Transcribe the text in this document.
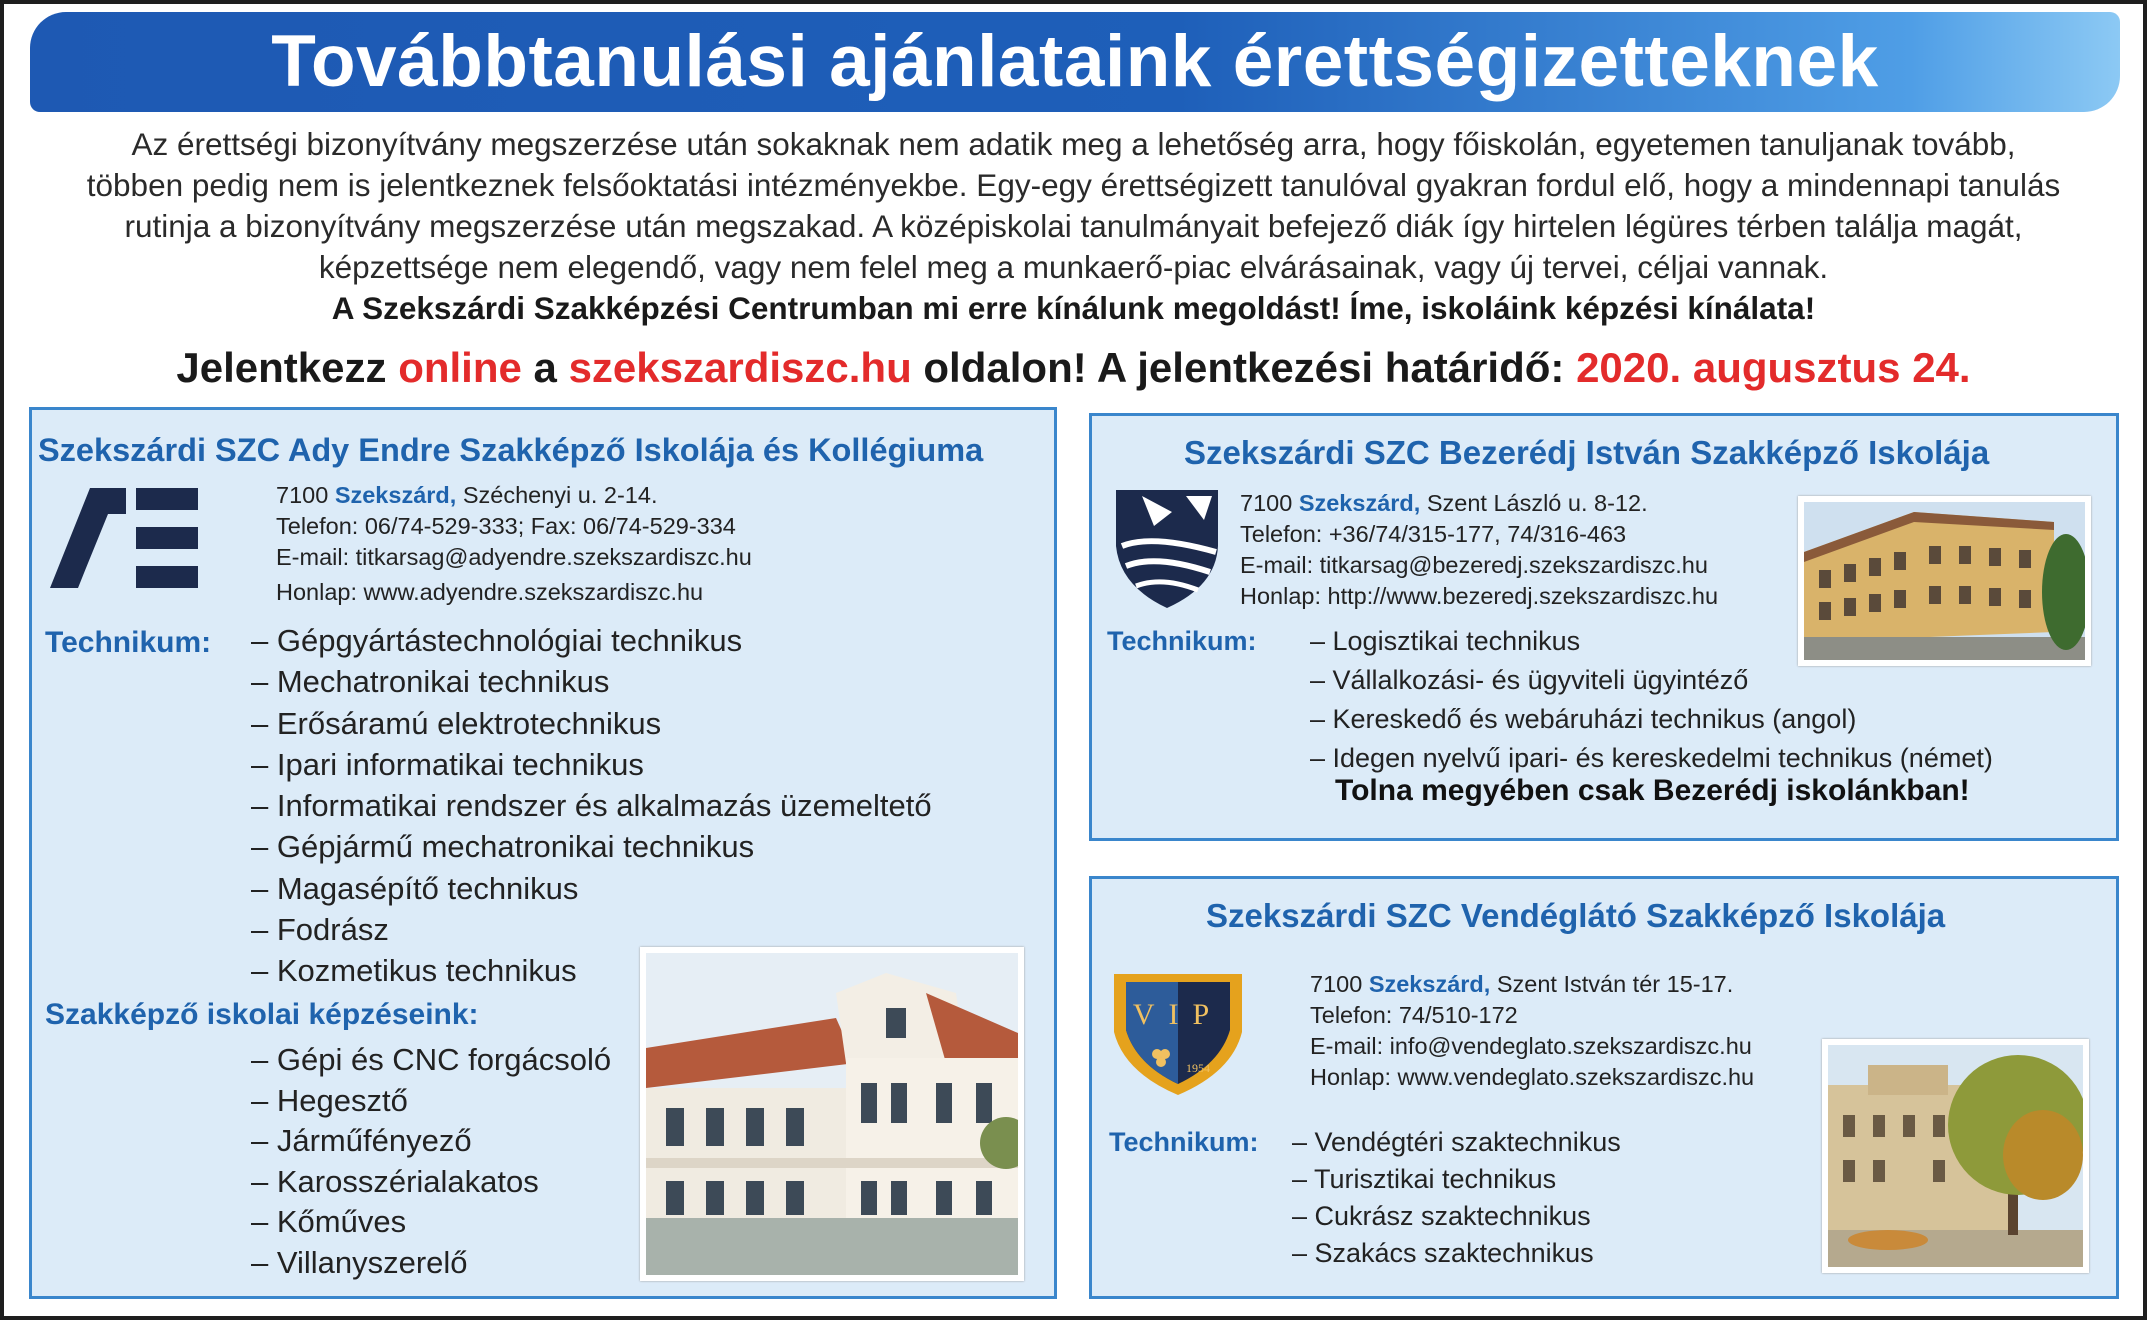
Továbbtanulási ajánlataink érettségizetteknek
Az érettségi bizonyítvány megszerzése után sokaknak nem adatik meg a lehetőség arra, hogy főiskolán, egyetemen tanuljanak tovább,
többen pedig nem is jelentkeznek felsőoktatási intézményekbe. Egy-egy érettségizett tanulóval gyakran fordul elő, hogy a mindennapi tanulás
rutinja a bizonyítvány megszerzése után megszakad. A középiskolai tanulmányait befejező diák így hirtelen légüres térben találja magát,
képzettsége nem elegendő, vagy nem felel meg a munkaerő-piac elvárásainak, vagy új tervei, céljai vannak.
A Szekszárdi Szakképzési Centrumban mi erre kínálunk megoldást! Íme, iskoláink képzési kínálata!
Jelentkezz online a szekszardiszc.hu oldalon! A jelentkezési határidő: 2020. augusztus 24.
Szekszárdi SZC Ady Endre Szakképző Iskolája és Kollégiuma
7100 Szekszárd, Széchenyi u. 2-14.
Telefon: 06/74-529-333; Fax: 06/74-529-334
E-mail: titkarsag@adyendre.szekszardiszc.hu
Honlap: www.adyendre.szekszardiszc.hu
Technikum: – Gépgyártástechnológiai technikus
– Mechatronikai technikus
– Erősáramú elektrotechnikus
– Ipari informatikai technikus
– Informatikai rendszer és alkalmazás üzemeltető
– Gépjármű mechatronikai technikus
– Magasépítő technikus
– Fodrász
– Kozmetikus technikus
Szakképző iskolai képzéseink:
– Gépi és CNC forgácsoló
– Hegesztő
– Járműfényező
– Karosszérialakatos
– Kőműves
– Villanyszerelő
Szekszárdi SZC Bezerédj István Szakképző Iskolája
7100 Szekszárd, Szent László u. 8-12.
Telefon: +36/74/315-177, 74/316-463
E-mail: titkarsag@bezeredj.szekszardiszc.hu
Honlap: http://www.bezeredj.szekszardiszc.hu
Technikum: – Logisztikai technikus
– Vállalkozási- és ügyviteli ügyintéző
– Kereskedő és webáruházi technikus (angol)
– Idegen nyelvű ipari- és kereskedelmi technikus (német)
Tolna megyében csak Bezerédj iskolánkban!
Szekszárdi SZC Vendéglátó Szakképző Iskolája
VIP
1954
7100 Szekszárd, Szent István tér 15-17.
Telefon: 74/510-172
E-mail: info@vendeglato.szekszardiszc.hu
Honlap: www.vendeglato.szekszardiszc.hu
Technikum: – Vendégtéri szaktechnikus
– Turisztikai technikus
– Cukrász szaktechnikus
– Szakács szaktechnikus
